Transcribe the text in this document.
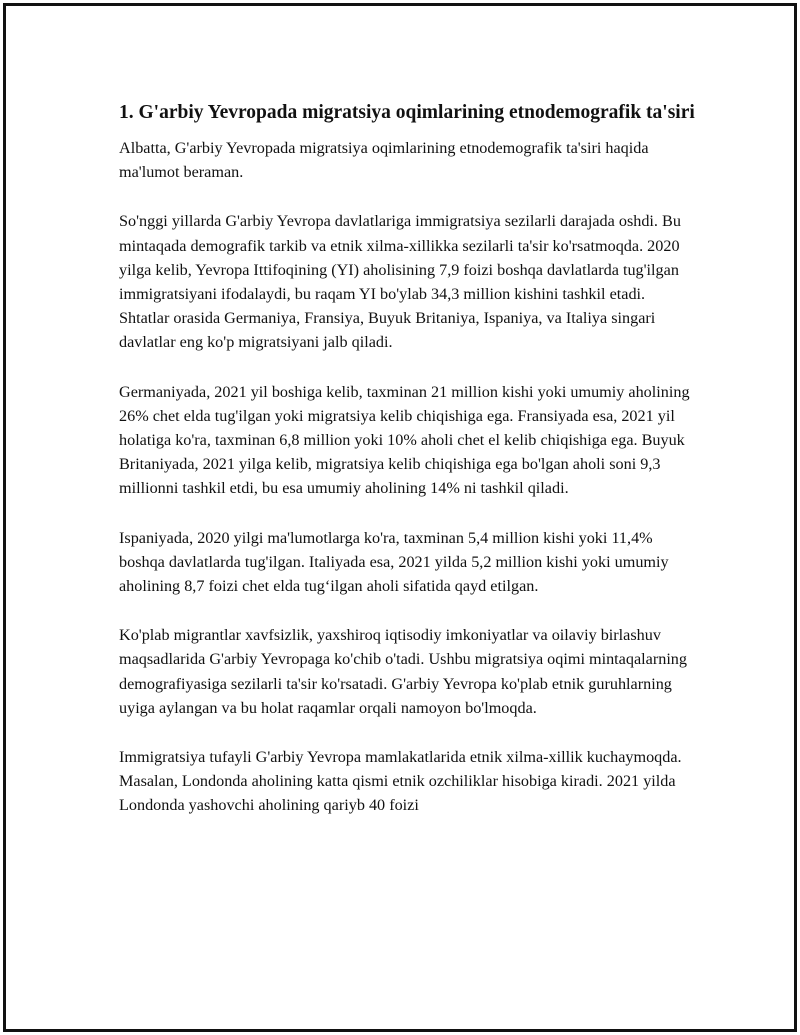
1. G'arbiy Yevropada migratsiya oqimlarining etnodemografik ta'siri

Albatta, G'arbiy Yevropada migratsiya oqimlarining etnodemografik ta'siri haqida ma'lumot beraman.

So'nggi yillarda G'arbiy Yevropa davlatlariga immigratsiya sezilarli darajada oshdi. Bu mintaqada demografik tarkib va etnik xilma-xillikka sezilarli ta'sir ko'rsatmoqda. 2020 yilga kelib, Yevropa Ittifoqining (YI) aholisining 7,9 foizi boshqa davlatlarda tug'ilgan immigratsiyani ifodalaydi, bu raqam YI bo'ylab 34,3 million kishini tashkil etadi. Shtatlar orasida Germaniya, Fransiya, Buyuk Britaniya, Ispaniya, va Italiya singari davlatlar eng ko'p migratsiyani jalb qiladi.

Germaniyada, 2021 yil boshiga kelib, taxminan 21 million kishi yoki umumiy aholining 26% chet elda tug'ilgan yoki migratsiya kelib chiqishiga ega. Fransiyada esa, 2021 yil holatiga ko'ra, taxminan 6,8 million yoki 10% aholi chet el kelib chiqishiga ega. Buyuk Britaniyada, 2021 yilga kelib, migratsiya kelib chiqishiga ega bo'lgan aholi soni 9,3 millionni tashkil etdi, bu esa umumiy aholining 14% ni tashkil qiladi.

Ispaniyada, 2020 yilgi ma'lumotlarga ko'ra, taxminan 5,4 million kishi yoki 11,4% boshqa davlatlarda tug'ilgan. Italiyada esa, 2021 yilda 5,2 million kishi yoki umumiy aholining 8,7 foizi chet elda tug‘ilgan aholi sifatida qayd etilgan.

Ko'plab migrantlar xavfsizlik, yaxshiroq iqtisodiy imkoniyatlar va oilaviy birlashuv maqsadlarida G'arbiy Yevropaga ko'chib o'tadi. Ushbu migratsiya oqimi mintaqalarning demografiyasiga sezilarli ta'sir ko'rsatadi. G'arbiy Yevropa ko'plab etnik guruhlarning uyiga aylangan va bu holat raqamlar orqali namoyon bo'lmoqda.

Immigratsiya tufayli G'arbiy Yevropa mamlakatlarida etnik xilma-xillik kuchaymoqda. Masalan, Londonda aholining katta qismi etnik ozchiliklar hisobiga kiradi. 2021 yilda Londonda yashovchi aholining qariyb 40 foizi
